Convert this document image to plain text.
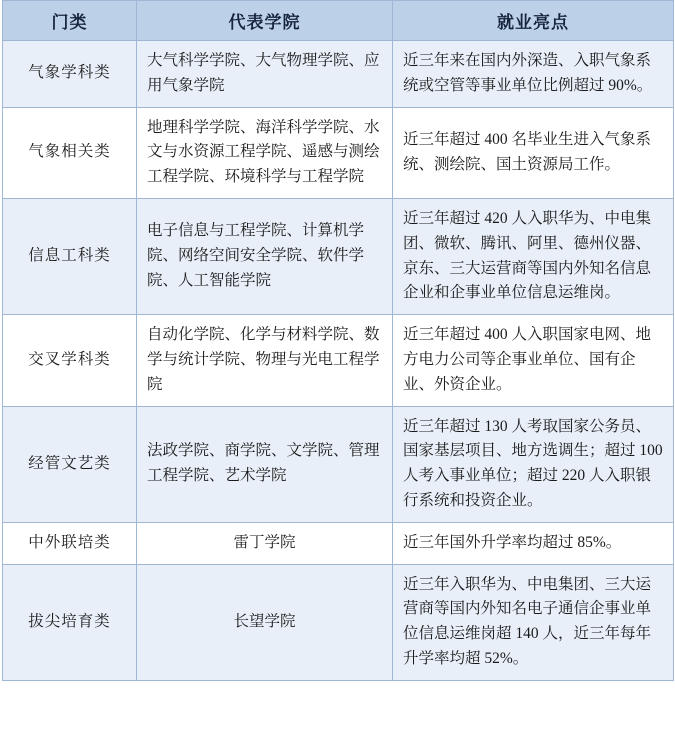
门类	代表学院	就业亮点
气象学科类	大气科学学院、大气物理学院、应用气象学院	近三年来在国内外深造、入职气象系统或空管等事业单位比例超过 90%。
气象相关类	地理科学学院、海洋科学学院、水文与水资源工程学院、遥感与测绘工程学院、环境科学与工程学院	近三年超过 400 名毕业生进入气象系统、测绘院、国土资源局工作。
信息工科类	电子信息与工程学院、计算机学院、网络空间安全学院、软件学院、人工智能学院	近三年超过 420 人入职华为、中电集团、微软、腾讯、阿里、德州仪器、京东、三大运营商等国内外知名信息企业和企事业单位信息运维岗。
交叉学科类	自动化学院、化学与材料学院、数学与统计学院、物理与光电工程学院	近三年超过 400 人入职国家电网、地方电力公司等企事业单位、国有企业、外资企业。
经管文艺类	法政学院、商学院、文学院、管理工程学院、艺术学院	近三年超过 130 人考取国家公务员、国家基层项目、地方选调生；超过 100 人考入事业单位；超过 220 人入职银行系统和投资企业。
中外联培类	雷丁学院	近三年国外升学率均超过 85%。
拔尖培育类	长望学院	近三年入职华为、中电集团、三大运营商等国内外知名电子通信企事业单位信息运维岗超 140 人，近三年每年升学率均超 52%。
